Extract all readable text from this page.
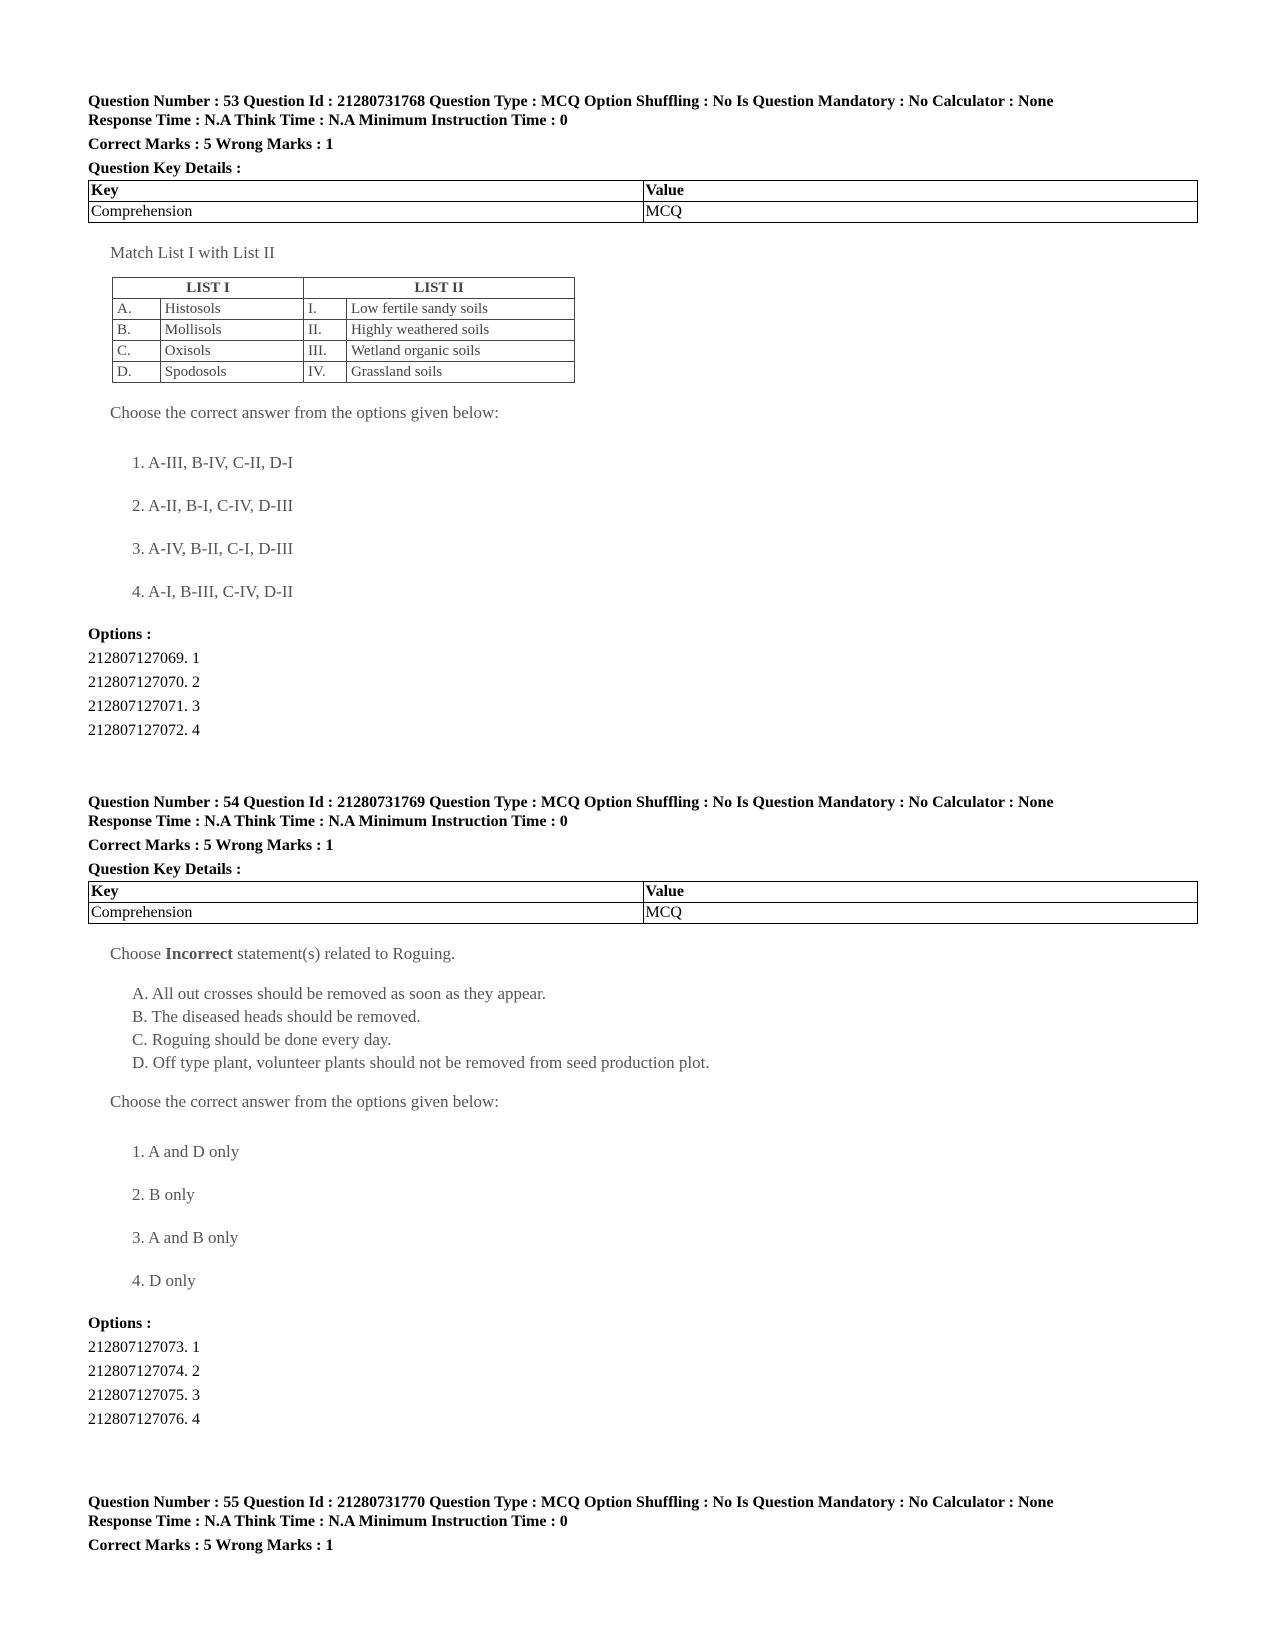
Question Number : 53 Question Id : 21280731768 Question Type : MCQ Option Shuffling : No Is Question Mandatory : No Calculator : None
Response Time : N.A Think Time : N.A Minimum Instruction Time : 0
Correct Marks : 5 Wrong Marks : 1
Question Key Details :
Key	Value
Comprehension	MCQ
Match List I with List II
LIST I		LIST II	
A.	Histosols	I.	Low fertile sandy soils
B.	Mollisols	II.	Highly weathered soils
C.	Oxisols	III.	Wetland organic soils
D.	Spodosols	IV.	Grassland soils
Choose the correct answer from the options given below:
1. A-III, B-IV, C-II, D-I
2. A-II, B-I, C-IV, D-III
3. A-IV, B-II, C-I, D-III
4. A-I, B-III, C-IV, D-II
Options :
212807127069. 1
212807127070. 2
212807127071. 3
212807127072. 4
Question Number : 54 Question Id : 21280731769 Question Type : MCQ Option Shuffling : No Is Question Mandatory : No Calculator : None
Response Time : N.A Think Time : N.A Minimum Instruction Time : 0
Correct Marks : 5 Wrong Marks : 1
Question Key Details :
Key	Value
Comprehension	MCQ
Choose Incorrect statement(s) related to Roguing.
A. All out crosses should be removed as soon as they appear.
B. The diseased heads should be removed.
C. Roguing should be done every day.
D. Off type plant, volunteer plants should not be removed from seed production plot.
Choose the correct answer from the options given below:
1. A and D only
2. B only
3. A and B only
4. D only
Options :
212807127073. 1
212807127074. 2
212807127075. 3
212807127076. 4
Question Number : 55 Question Id : 21280731770 Question Type : MCQ Option Shuffling : No Is Question Mandatory : No Calculator : None
Response Time : N.A Think Time : N.A Minimum Instruction Time : 0
Correct Marks : 5 Wrong Marks : 1
